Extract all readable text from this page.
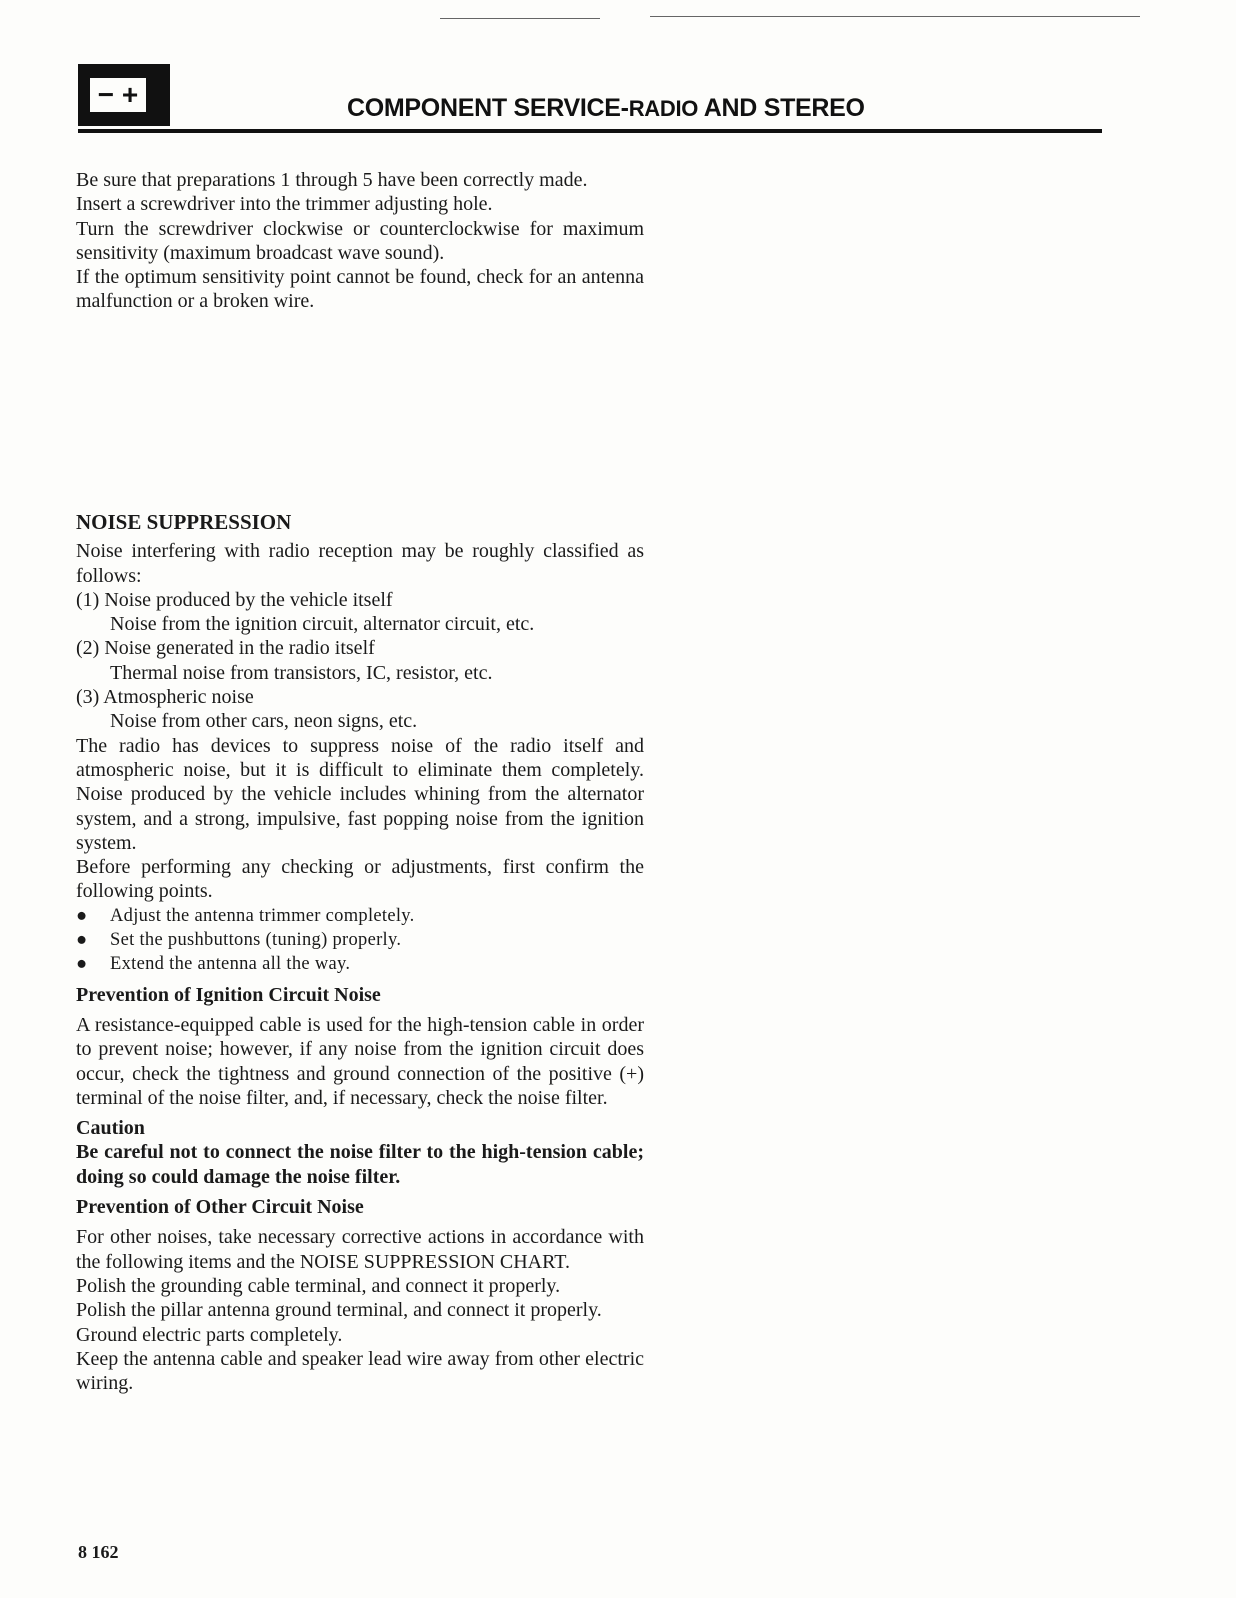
− +	COMPONENT SERVICE-RADIO AND STEREO

Be sure that preparations 1 through 5 have been correctly made.

Insert a screwdriver into the trimmer adjusting hole.

Turn the screwdriver clockwise or counterclockwise for maximum sensitivity (maximum broadcast wave sound).

If the optimum sensitivity point cannot be found, check for an antenna malfunction or a broken wire.

NOISE SUPPRESSION

Noise interfering with radio reception may be roughly classified as follows:

(1) Noise produced by the vehicle itself

Noise from the ignition circuit, alternator circuit, etc.

(2) Noise generated in the radio itself

Thermal noise from transistors, IC, resistor, etc.

(3) Atmospheric noise

Noise from other cars, neon signs, etc.

The radio has devices to suppress noise of the radio itself and atmospheric noise, but it is difficult to eliminate them completely. Noise produced by the vehicle includes whining from the alternator system, and a strong, impulsive, fast popping noise from the ignition system.

Before performing any checking or adjustments, first confirm the following points.

● Adjust the antenna trimmer completely.

● Set the pushbuttons (tuning) properly.

● Extend the antenna all the way.

Prevention of Ignition Circuit Noise

A resistance-equipped cable is used for the high-tension cable in order to prevent noise; however, if any noise from the ignition circuit does occur, check the tightness and ground connection of the positive (+) terminal of the noise filter, and, if necessary, check the noise filter.

Caution

Be careful not to connect the noise filter to the high-tension cable; doing so could damage the noise filter.

Prevention of Other Circuit Noise

For other noises, take necessary corrective actions in accordance with the following items and the NOISE SUPPRESSION CHART.

Polish the grounding cable terminal, and connect it properly.

Polish the pillar antenna ground terminal, and connect it properly.

Ground electric parts completely.

Keep the antenna cable and speaker lead wire away from other electric wiring.

8 162
